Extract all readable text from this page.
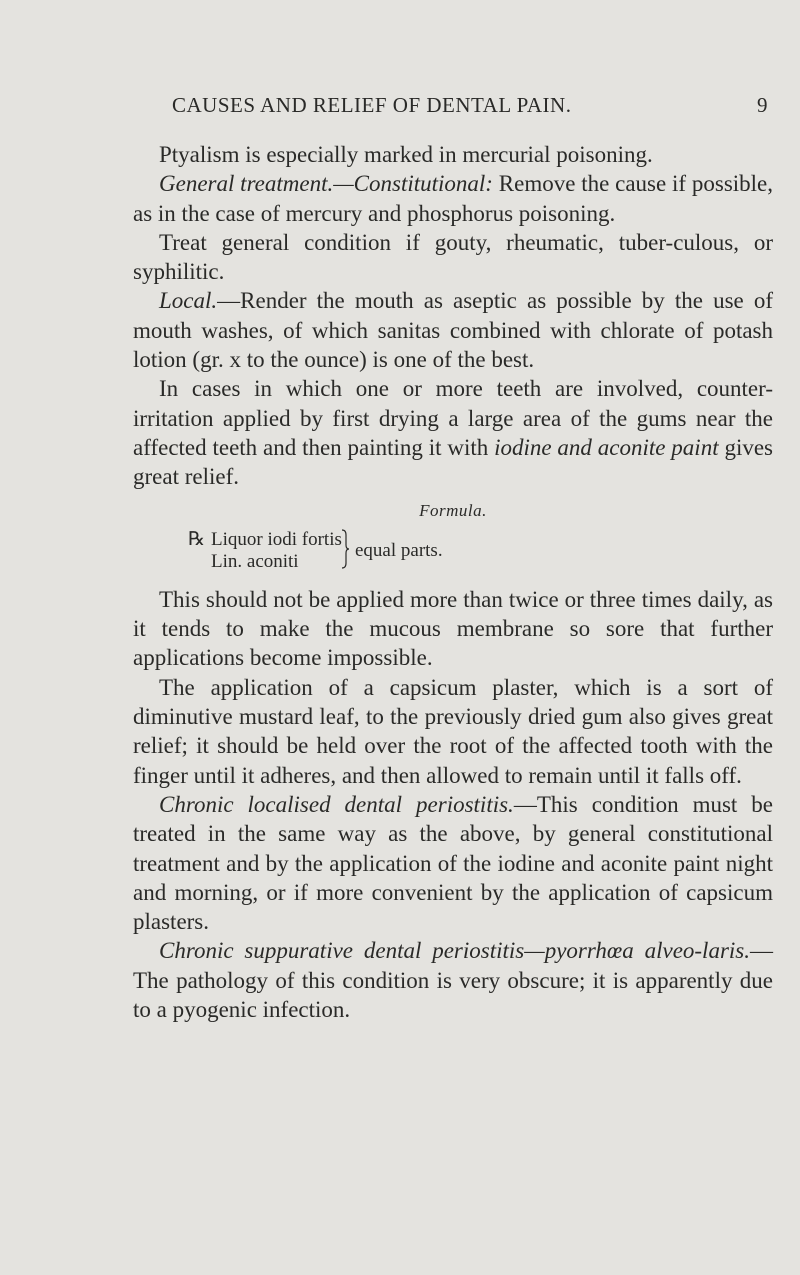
CAUSES AND RELIEF OF DENTAL PAIN.	9

Ptyalism is especially marked in mercurial poisoning.

General treatment.—Constitutional: Remove the cause if possible, as in the case of mercury and phosphorus poisoning.

Treat general condition if gouty, rheumatic, tuber-culous, or syphilitic.

Local.—Render the mouth as aseptic as possible by the use of mouth washes, of which sanitas combined with chlorate of potash lotion (gr. x to the ounce) is one of the best.

In cases in which one or more teeth are involved, counter-irritation applied by first drying a large area of the gums near the affected teeth and then painting it with iodine and aconite paint gives great relief.

Formula.
℞ Liquor iodi fortis
Lin. aconiti
equal parts.

This should not be applied more than twice or three times daily, as it tends to make the mucous membrane so sore that further applications become impossible.

The application of a capsicum plaster, which is a sort of diminutive mustard leaf, to the previously dried gum also gives great relief; it should be held over the root of the affected tooth with the finger until it adheres, and then allowed to remain until it falls off.

Chronic localised dental periostitis.—This condition must be treated in the same way as the above, by general constitutional treatment and by the application of the iodine and aconite paint night and morning, or if more convenient by the application of capsicum plasters.

Chronic suppurative dental periostitis—pyorrhœa alveo-laris.—The pathology of this condition is very obscure; it is apparently due to a pyogenic infection.
